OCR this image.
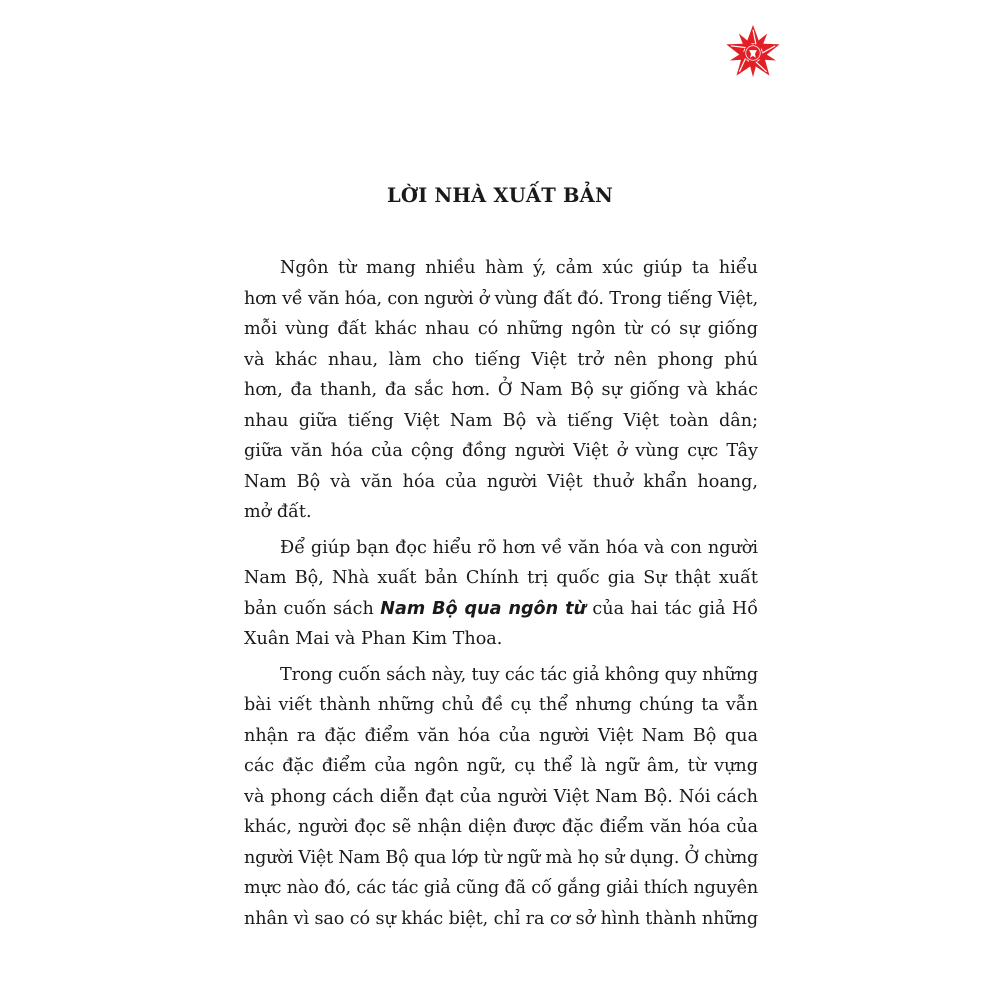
LỜI NHÀ XUẤT BẢN

Ngôn từ mang nhiều hàm ý, cảm xúc giúp ta hiểu
hơn về văn hóa, con người ở vùng đất đó. Trong tiếng Việt,
mỗi vùng đất khác nhau có những ngôn từ có sự giống
và khác nhau, làm cho tiếng Việt trở nên phong phú
hơn, đa thanh, đa sắc hơn. Ở Nam Bộ sự giống và khác
nhau giữa tiếng Việt Nam Bộ và tiếng Việt toàn dân;
giữa văn hóa của cộng đồng người Việt ở vùng cực Tây
Nam Bộ và văn hóa của người Việt thuở khẩn hoang,
mở đất.

Để giúp bạn đọc hiểu rõ hơn về văn hóa và con người
Nam Bộ, Nhà xuất bản Chính trị quốc gia Sự thật xuất
bản cuốn sách Nam Bộ qua ngôn từ của hai tác giả Hồ
Xuân Mai và Phan Kim Thoa.

Trong cuốn sách này, tuy các tác giả không quy những
bài viết thành những chủ đề cụ thể nhưng chúng ta vẫn
nhận ra đặc điểm văn hóa của người Việt Nam Bộ qua
các đặc điểm của ngôn ngữ, cụ thể là ngữ âm, từ vựng
và phong cách diễn đạt của người Việt Nam Bộ. Nói cách
khác, người đọc sẽ nhận diện được đặc điểm văn hóa của
người Việt Nam Bộ qua lớp từ ngữ mà họ sử dụng. Ở chừng
mực nào đó, các tác giả cũng đã cố gắng giải thích nguyên
nhân vì sao có sự khác biệt, chỉ ra cơ sở hình thành những
